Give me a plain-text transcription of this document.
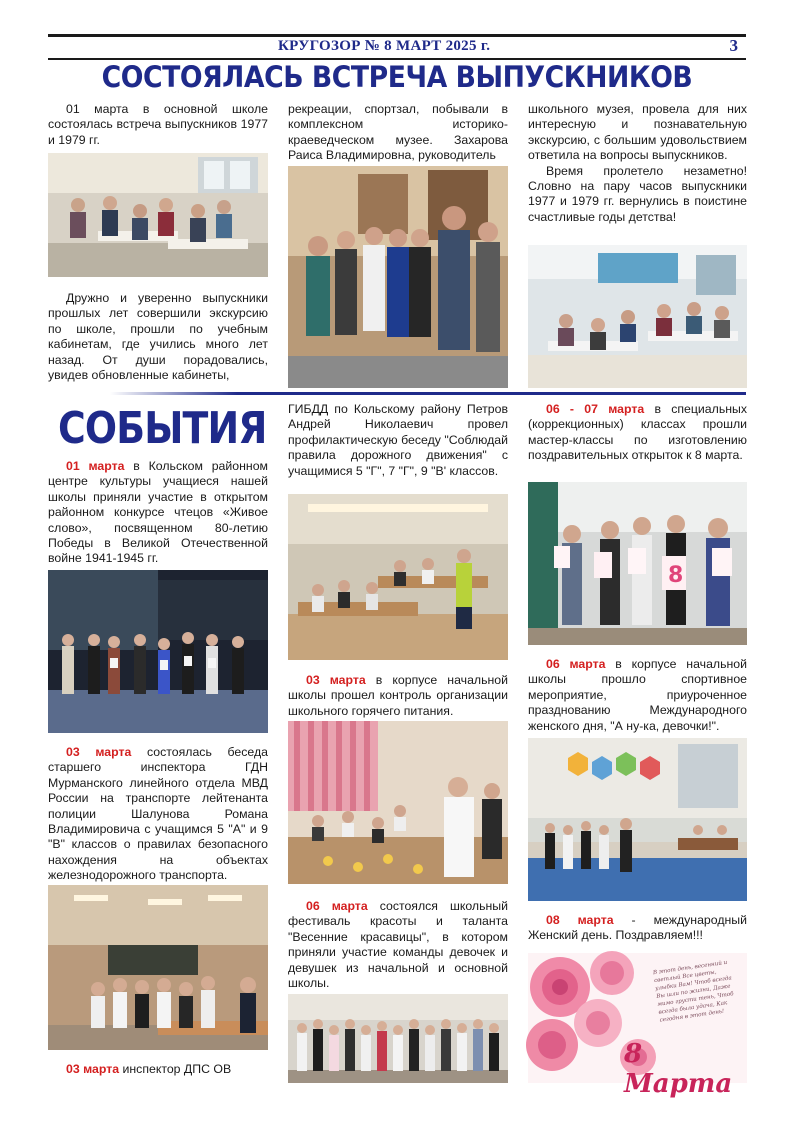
КРУГОЗОР № 8 МАРТ 2025 г.	3
СОСТОЯЛАСЬ ВСТРЕЧА ВЫПУСКНИКОВ

01 марта в основной школе состоялась встреча выпускников 1977 и 1979 гг.

Дружно и уверенно выпускники прошлых лет совершили экскурсию по школе, прошли по учебным кабинетам, где учились много лет назад. От души порадовались, увидев обновленные кабинеты,

рекреации, спортзал, побывали в комплексном историко-краеведческом музее. Захарова Раиса Владимировна, руководитель

школьного музея, провела для них интересную и познавательную экскурсию, с большим удовольствием ответила на вопросы выпускников.

Время пролетело незаметно! Словно на пару часов выпускники 1977 и 1979 гг. вернулись в поистине счастливые годы детства!

СОБЫТИЯ

01 марта в Кольском районном центре культуры учащиеся нашей школы приняли участие в открытом районном конкурсе чтецов «Живое слово», посвященном 80-летию Победы в Великой Отечественной войне 1941-1945 гг.

03 марта состоялась беседа старшего инспектора ГДН Мурманского линейного отдела МВД России на транспорте лейтенанта полиции Шалунова Романа Владимировича с учащимся 5 "А" и 9 "В" классов о правилах безопасного нахождения на объектах железнодорожного транспорта.

03 марта инспектор ДПС ОВ

ГИБДД по Кольскому району Петров Андрей Николаевич провел профилактическую беседу "Соблюдай правила дорожного движения" с учащимися 5 "Г", 7 "Г", 9 "В' классов.

03 марта в корпусе начальной школы прошел контроль организации школьного горячего питания.

06 марта состоялся школьный фестиваль красоты и таланта "Весенние красавицы", в котором приняли участие команды девочек и девушек из начальной и основной школы.

06 - 07 марта в специальных (коррекционных) классах прошли мастер-классы по изготовлению поздравительных открыток к 8 марта.

8

06 марта в корпусе начальной школы прошло спортивное мероприятие, приуроченное празднованию Международного женского дня, "А ну-ка, девочки!".

08 марта - международный Женский день. Поздравляем!!!

В этот день, весенний и светлый Все цветы, улыбки Вам! Чтоб всегда Вы шли по жизни, Даже мимо грусти тень, Чтоб всегда была удача, Как сегодня в этот день!
8 Марта
